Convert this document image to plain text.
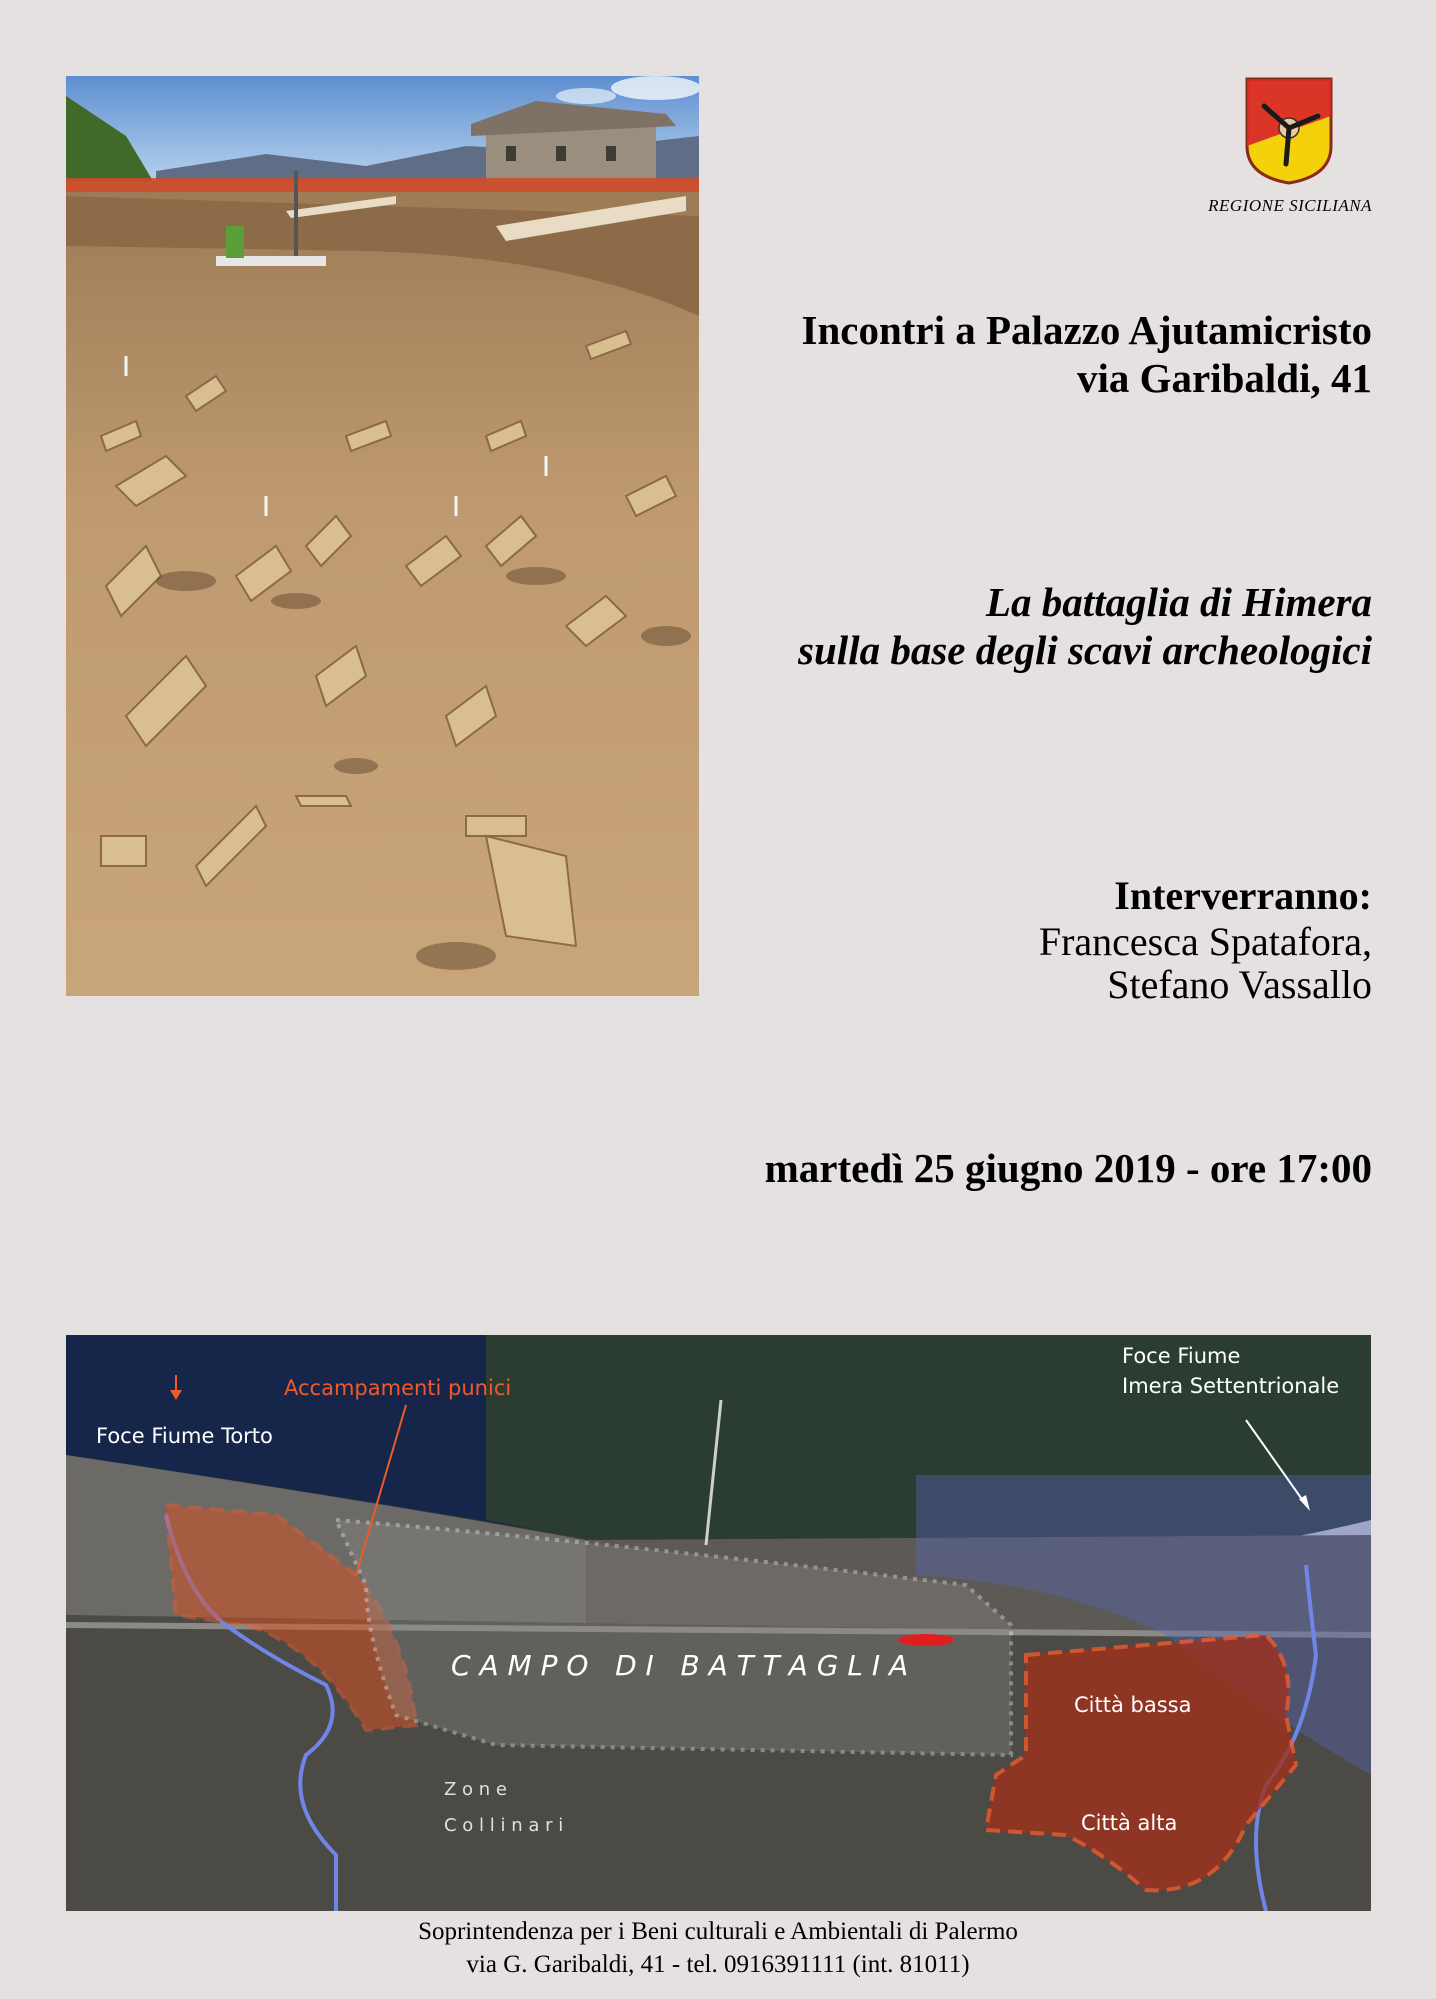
REGIONE SICILIANA
Incontri a Palazzo Ajutamicristo
via Garibaldi, 41
La battaglia di Himera
sulla base degli scavi archeologici
Interverranno:
Francesca Spatafora,
Stefano Vassallo
martedì 25 giugno 2019 - ore 17:00
Foce Fiume Torto
Accampamenti punici
Foce Fiume
Imera Settentrionale
C A M P O   D I   B A T T A G L I A
Città bassa
Città alta
Z o n e
C o l l i n a r i
Soprintendenza per i Beni culturali e Ambientali di Palermo
via G. Garibaldi, 41 - tel. 0916391111 (int. 81011)
